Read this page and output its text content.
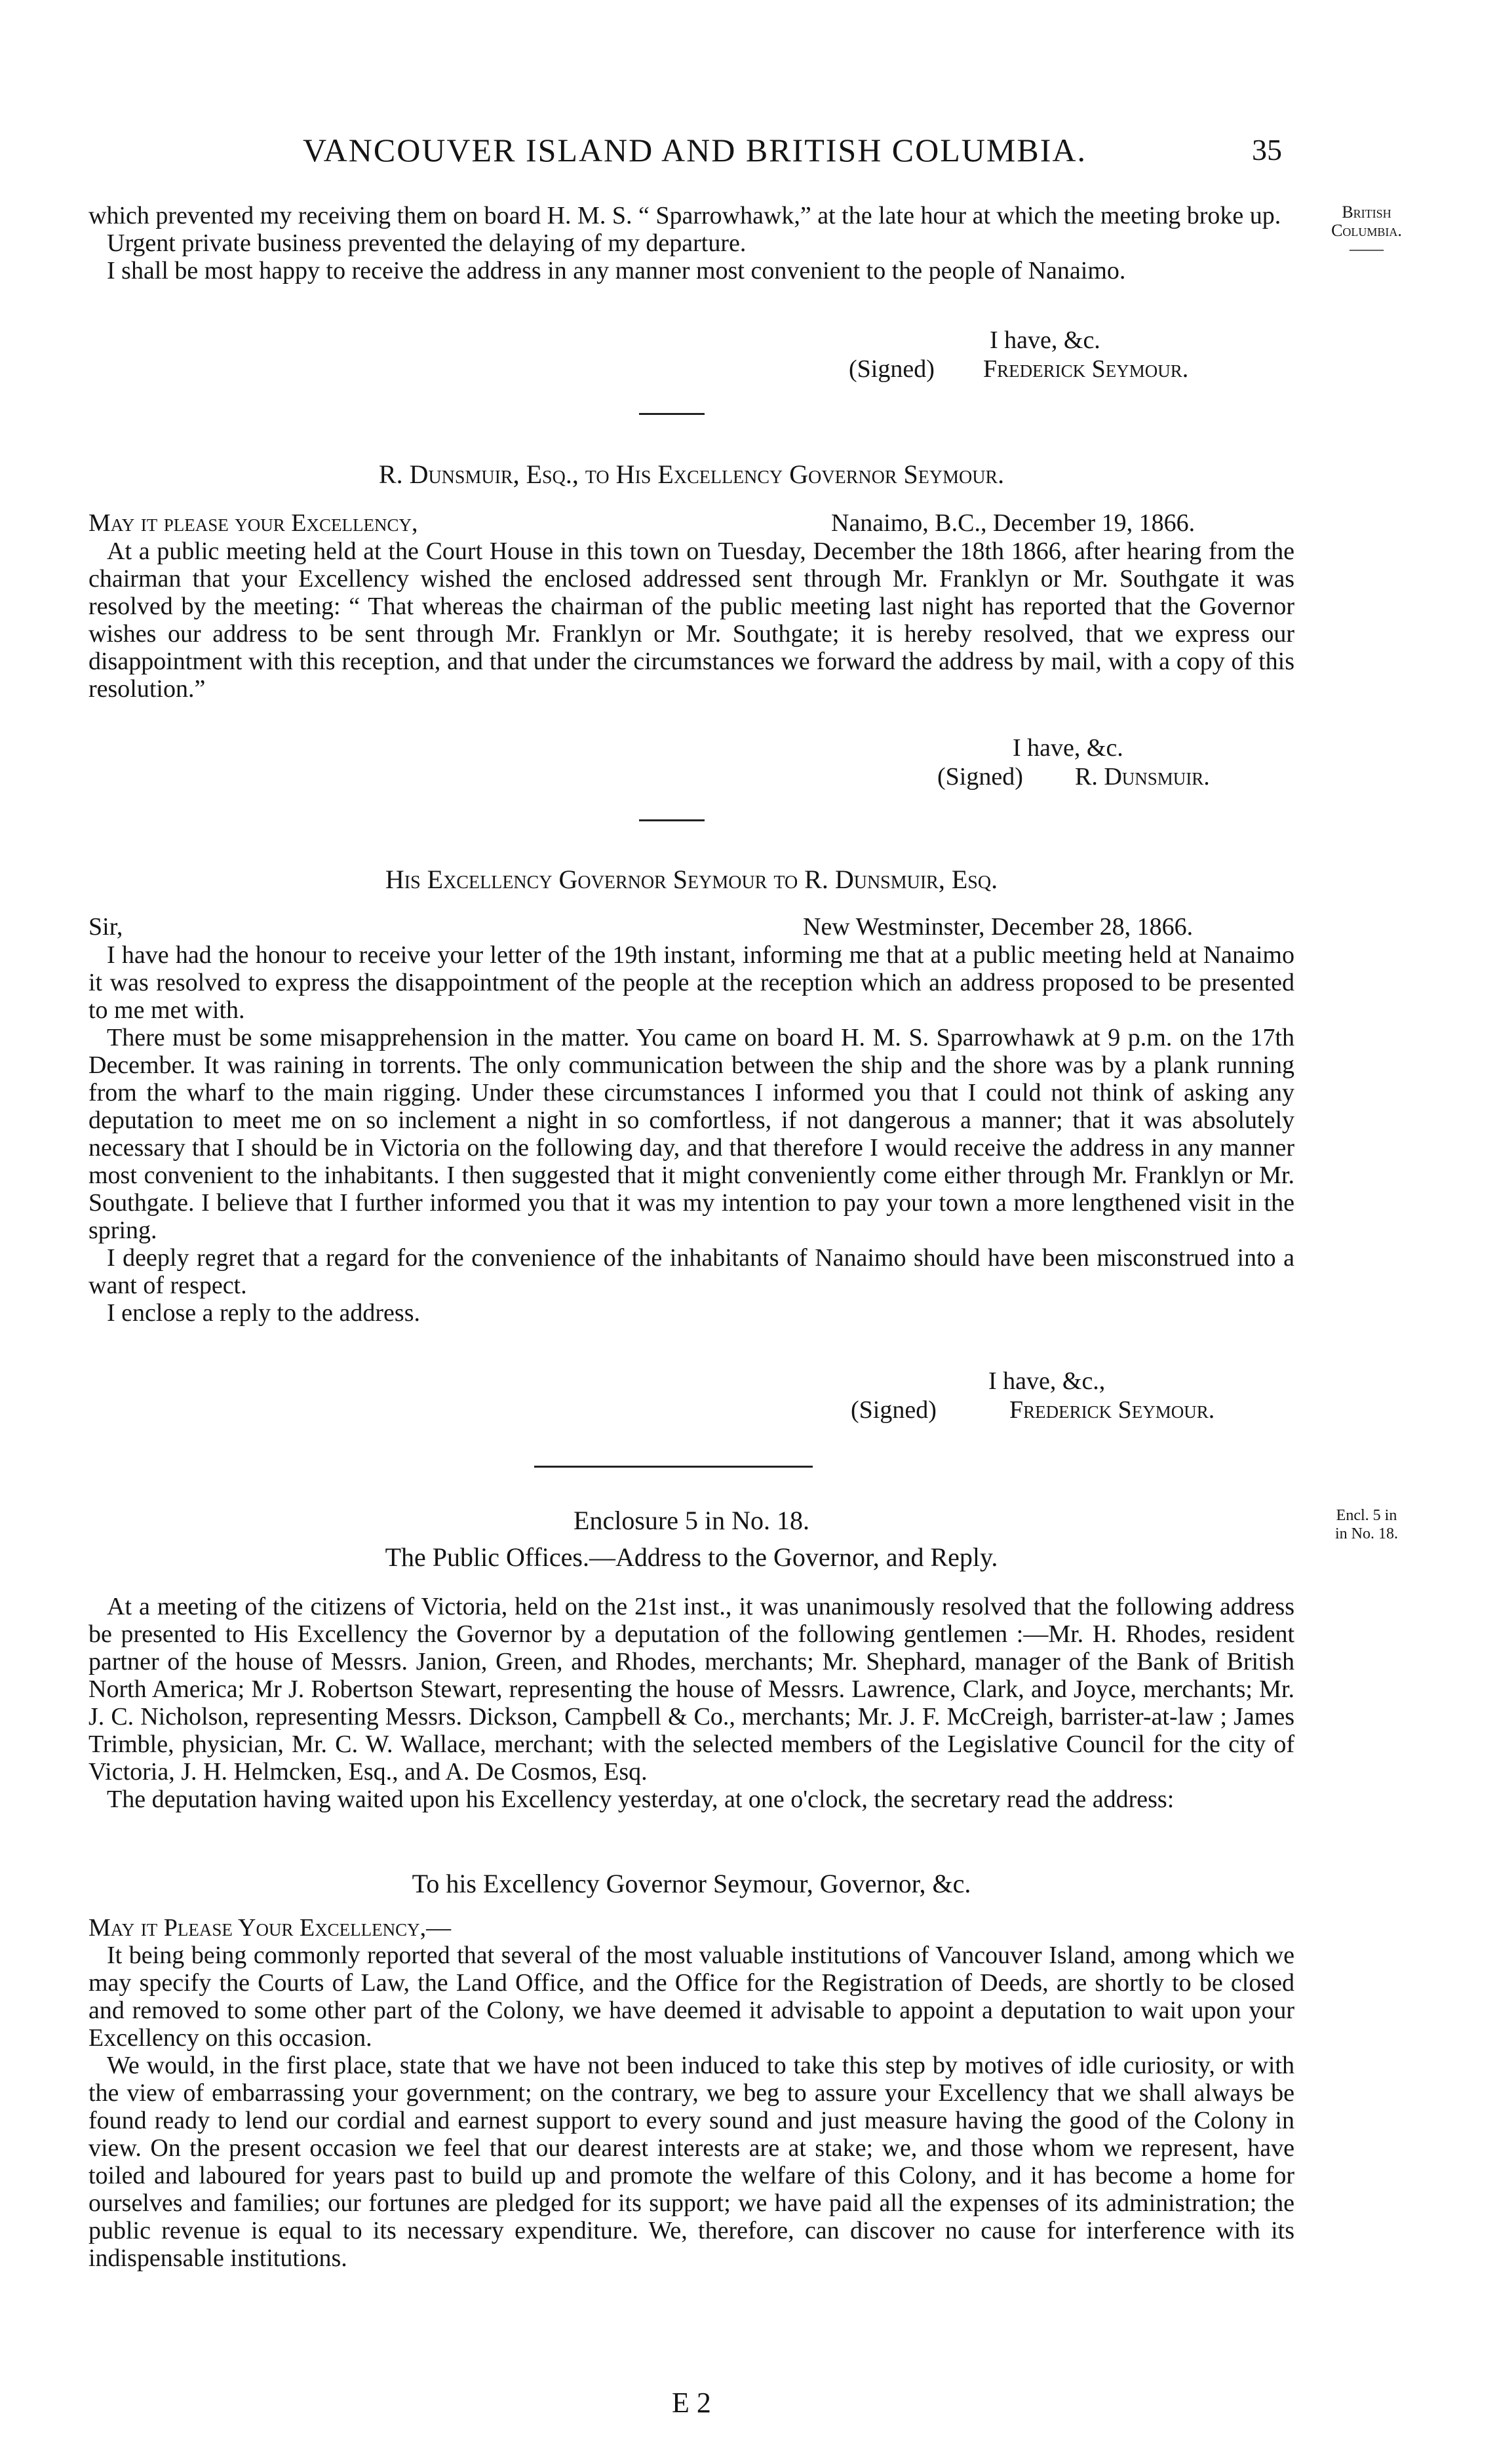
VANCOUVER ISLAND AND BRITISH COLUMBIA.	35
British
Columbia.
——
Encl. 5 in
in No. 18.

which prevented my receiving them on board H. M. S. “ Sparrowhawk,” at the late hour at which the meeting broke up.

Urgent private business prevented the delaying of my departure.

I shall be most happy to receive the address in any manner most convenient to the people of Nanaimo.

I have, &c.
(Signed) Frederick Seymour.
R. Dunsmuir, Esq., to His Excellency Governor Seymour.
May it please your Excellency,	Nanaimo, B.C., December 19, 1866.

At a public meeting held at the Court House in this town on Tuesday, December the 18th 1866, after hearing from the chairman that your Excellency wished the enclosed addressed sent through Mr. Franklyn or Mr. Southgate it was resolved by the meeting: “ That whereas the chairman of the public meeting last night has reported that the Governor wishes our address to be sent through Mr. Franklyn or Mr. Southgate; it is hereby resolved, that we express our disappointment with this reception, and that under the circumstances we forward the address by mail, with a copy of this resolution.”

I have, &c.
(Signed) R. Dunsmuir.
His Excellency Governor Seymour to R. Dunsmuir, Esq.
Sir,	New Westminster, December 28, 1866.

I have had the honour to receive your letter of the 19th instant, informing me that at a public meeting held at Nanaimo it was resolved to express the disappointment of the people at the reception which an address proposed to be presented to me met with.

There must be some misapprehension in the matter. You came on board H. M. S. Sparrowhawk at 9 p.m. on the 17th December. It was raining in torrents. The only communication between the ship and the shore was by a plank running from the wharf to the main rigging. Under these circumstances I informed you that I could not think of asking any deputation to meet me on so inclement a night in so comfortless, if not dangerous a manner; that it was absolutely necessary that I should be in Victoria on the following day, and that therefore I would receive the address in any manner most convenient to the inhabitants. I then suggested that it might conveniently come either through Mr. Franklyn or Mr. Southgate. I believe that I further informed you that it was my intention to pay your town a more lengthened visit in the spring.

I deeply regret that a regard for the convenience of the inhabitants of Nanaimo should have been misconstrued into a want of respect.

I enclose a reply to the address.

I have, &c.,
(Signed)	Frederick Seymour.
Enclosure 5 in No. 18.
The Public Offices.—Address to the Governor, and Reply.

At a meeting of the citizens of Victoria, held on the 21st inst., it was unanimously resolved that the following address be presented to His Excellency the Governor by a deputation of the following gentlemen :—Mr. H. Rhodes, resident partner of the house of Messrs. Janion, Green, and Rhodes, merchants; Mr. Shephard, manager of the Bank of British North America; Mr J. Robertson Stewart, representing the house of Messrs. Lawrence, Clark, and Joyce, merchants; Mr. J. C. Nicholson, representing Messrs. Dickson, Campbell & Co., merchants; Mr. J. F. McCreigh, barrister-at-law ; James Trimble, physician, Mr. C. W. Wallace, merchant; with the selected members of the Legislative Council for the city of Victoria, J. H. Helmcken, Esq., and A. De Cosmos, Esq.

The deputation having waited upon his Excellency yesterday, at one o'clock, the secretary read the address:

To his Excellency Governor Seymour, Governor, &c.

May it Please Your Excellency,—

It being being commonly reported that several of the most valuable institutions of Vancouver Island, among which we may specify the Courts of Law, the Land Office, and the Office for the Registration of Deeds, are shortly to be closed and removed to some other part of the Colony, we have deemed it advisable to appoint a deputation to wait upon your Excellency on this occasion.

We would, in the first place, state that we have not been induced to take this step by motives of idle curiosity, or with the view of embarrassing your government; on the contrary, we beg to assure your Excellency that we shall always be found ready to lend our cordial and earnest support to every sound and just measure having the good of the Colony in view. On the present occasion we feel that our dearest interests are at stake; we, and those whom we represent, have toiled and laboured for years past to build up and promote the welfare of this Colony, and it has become a home for ourselves and families; our fortunes are pledged for its support; we have paid all the expenses of its administration; the public revenue is equal to its necessary expenditure. We, therefore, can discover no cause for interference with its indispensable institutions.

E 2
